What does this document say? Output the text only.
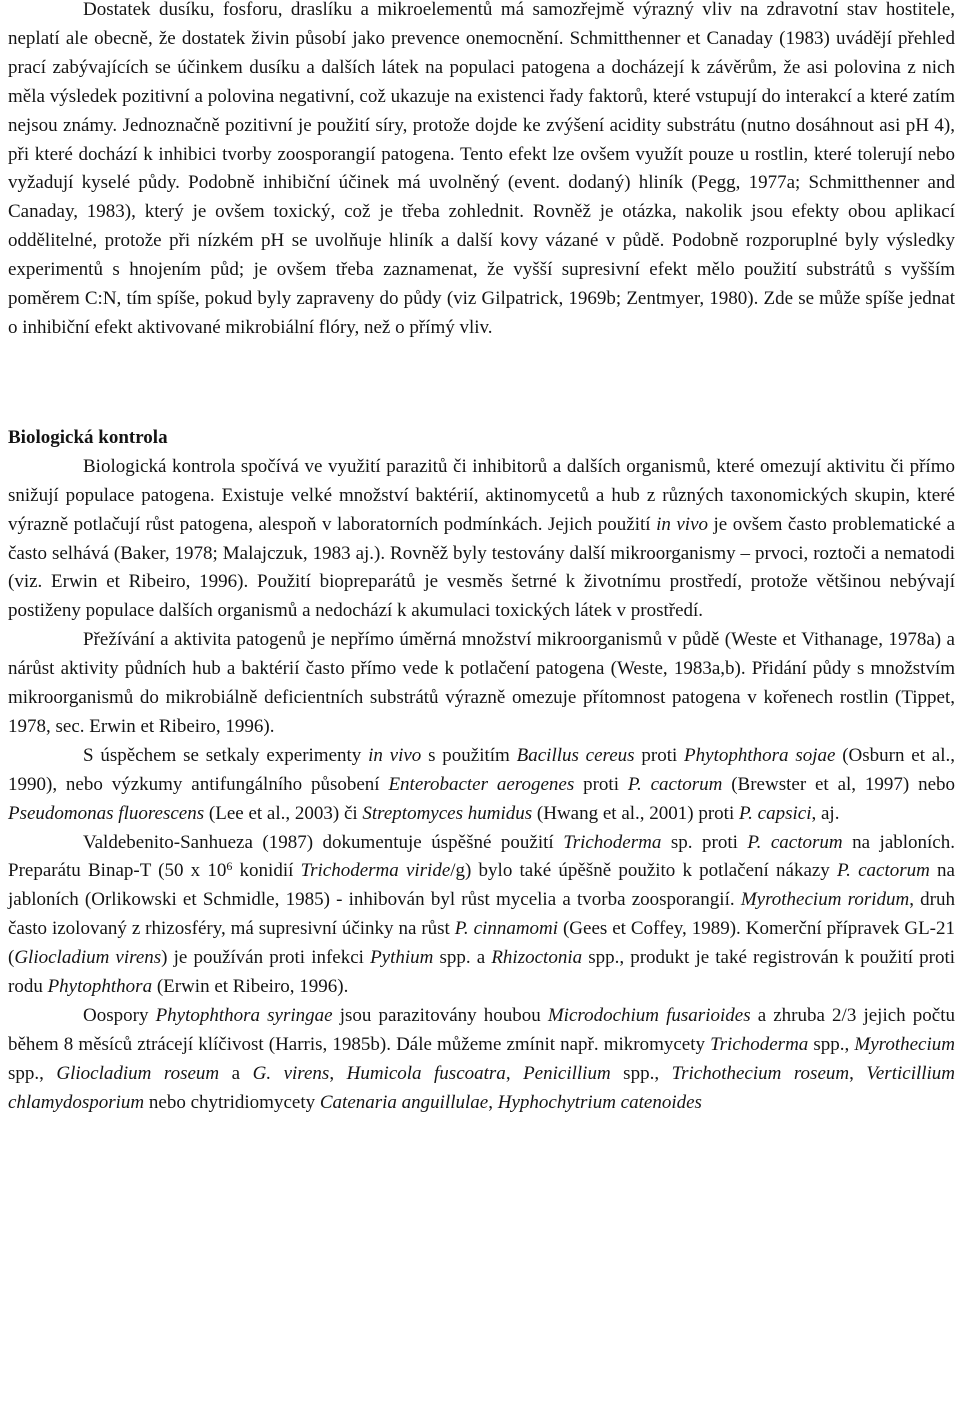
Dostatek dusíku, fosforu, draslíku a mikroelementů má samozřejmě výrazný vliv na zdravotní stav hostitele, neplatí ale obecně, že dostatek živin působí jako prevence onemocnění. Schmitthenner et Canaday (1983) uvádějí přehled prací zabývajících se účinkem dusíku a dalších látek na populaci patogena a docházejí k závěrům, že asi polovina z nich měla výsledek pozitivní a polovina negativní, což ukazuje na existenci řady faktorů, které vstupují do interakcí a které zatím nejsou známy. Jednoznačně pozitivní je použití síry, protože dojde ke zvýšení acidity substrátu (nutno dosáhnout asi pH 4), při které dochází k inhibici tvorby zoosporangií patogena. Tento efekt lze ovšem využít pouze u rostlin, které tolerují nebo vyžadují kyselé půdy. Podobně inhibiční účinek má uvolněný (event. dodaný) hliník (Pegg, 1977a; Schmitthenner and Canaday, 1983), který je ovšem toxický, což je třeba zohlednit. Rovněž je otázka, nakolik jsou efekty obou aplikací oddělitelné, protože při nízkém pH se uvolňuje hliník a další kovy vázané v půdě. Podobně rozporuplné byly výsledky experimentů s hnojením půd; je ovšem třeba zaznamenat, že vyšší supresivní efekt mělo použití substrátů s vyšším poměrem C:N, tím spíše, pokud byly zapraveny do půdy (viz Gilpatrick, 1969b; Zentmyer, 1980). Zde se může spíše jednat o inhibiční efekt aktivované mikrobiální flóry, než o přímý vliv.

Biologická kontrola

Biologická kontrola spočívá ve využití parazitů či inhibitorů a dalších organismů, které omezují aktivitu či přímo snižují populace patogena. Existuje velké množství baktérií, aktinomycetů a hub z různých taxonomických skupin, které výrazně potlačují růst patogena, alespoň v laboratorních podmínkách. Jejich použití in vivo je ovšem často problematické a často selhává (Baker, 1978; Malajczuk, 1983 aj.). Rovněž byly testovány další mikroorganismy – prvoci, roztoči a nematodi (viz. Erwin et Ribeiro, 1996). Použití biopreparátů je vesměs šetrné k životnímu prostředí, protože většinou nebývají postiženy populace dalších organismů a nedochází k akumulaci toxických látek v prostředí.

Přežívání a aktivita patogenů je nepřímo úměrná množství mikroorganismů v půdě (Weste et Vithanage, 1978a) a nárůst aktivity půdních hub a baktérií často přímo vede k potlačení patogena (Weste, 1983a,b). Přidání půdy s množstvím mikroorganismů do mikrobiálně deficientních substrátů výrazně omezuje přítomnost patogena v kořenech rostlin (Tippet, 1978, sec. Erwin et Ribeiro, 1996).

S úspěchem se setkaly experimenty in vivo s použitím Bacillus cereus proti Phytophthora sojae (Osburn et al., 1990), nebo výzkumy antifungálního působení Enterobacter aerogenes proti P. cactorum (Brewster et al, 1997) nebo Pseudomonas fluorescens (Lee et al., 2003) či Streptomyces humidus (Hwang et al., 2001) proti P. capsici, aj.

Valdebenito-Sanhueza (1987) dokumentuje úspěšné použití Trichoderma sp. proti P. cactorum na jabloních. Preparátu Binap-T (50 x $10^6$ konidií Trichoderma viride/g) bylo také úpěšně použito k potlačení nákazy P. cactorum na jabloních (Orlikowski et Schmidle, 1985) - inhibován byl růst mycelia a tvorba zoosporangií. Myrothecium roridum, druh často izolovaný z rhizosféry, má supresivní účinky na růst P. cinnamomi (Gees et Coffey, 1989). Komerční přípravek GL-21 (Gliocladium virens) je používán proti infekci Pythium spp. a Rhizoctonia spp., produkt je také registrován k použití proti rodu Phytophthora (Erwin et Ribeiro, 1996).

Oospory Phytophthora syringae jsou parazitovány houbou Microdochium fusarioides a zhruba 2/3 jejich počtu během 8 měsíců ztrácejí klíčivost (Harris, 1985b). Dále můžeme zmínit např. mikromycety Trichoderma spp., Myrothecium spp., Gliocladium roseum a G. virens, Humicola fuscoatra, Penicillium spp., Trichothecium roseum, Verticillium chlamydosporium nebo chytridiomycety Catenaria anguillulae, Hyphochytrium catenoides
